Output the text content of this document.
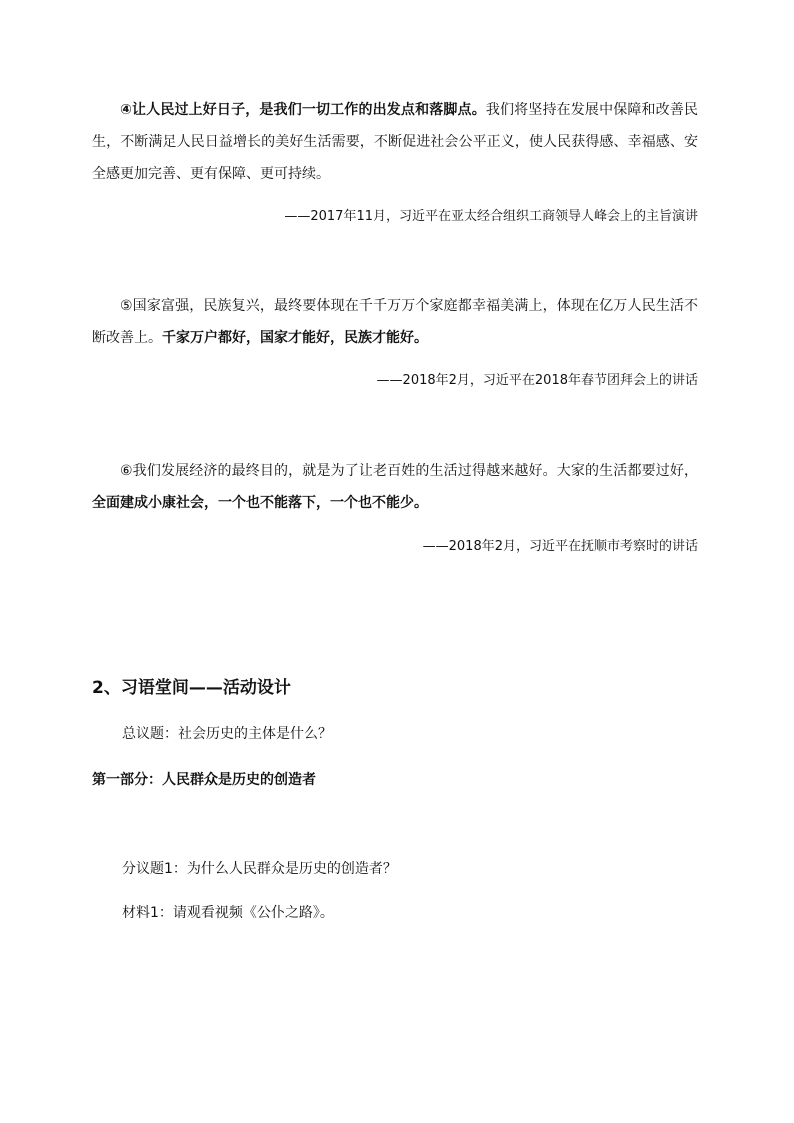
④让人民过上好日子，是我们一切工作的出发点和落脚点。我们将坚持在发展中保障和改善民生，不断满足人民日益增长的美好生活需要，不断促进社会公平正义，使人民获得感、幸福感、安全感更加完善、更有保障、更可持续。

——2017年11月，习近平在亚太经合组织工商领导人峰会上的主旨演讲

⑤国家富强，民族复兴，最终要体现在千千万万个家庭都幸福美满上，体现在亿万人民生活不断改善上。千家万户都好，国家才能好，民族才能好。

——2018年2月，习近平在2018年春节团拜会上的讲话

⑥我们发展经济的最终目的，就是为了让老百姓的生活过得越来越好。大家的生活都要过好，全面建成小康社会，一个也不能落下，一个也不能少。

——2018年2月，习近平在抚顺市考察时的讲话
2、习语堂间——活动设计
总议题：社会历史的主体是什么？
第一部分：人民群众是历史的创造者
分议题1：为什么人民群众是历史的创造者？
材料1：请观看视频《公仆之路》。
